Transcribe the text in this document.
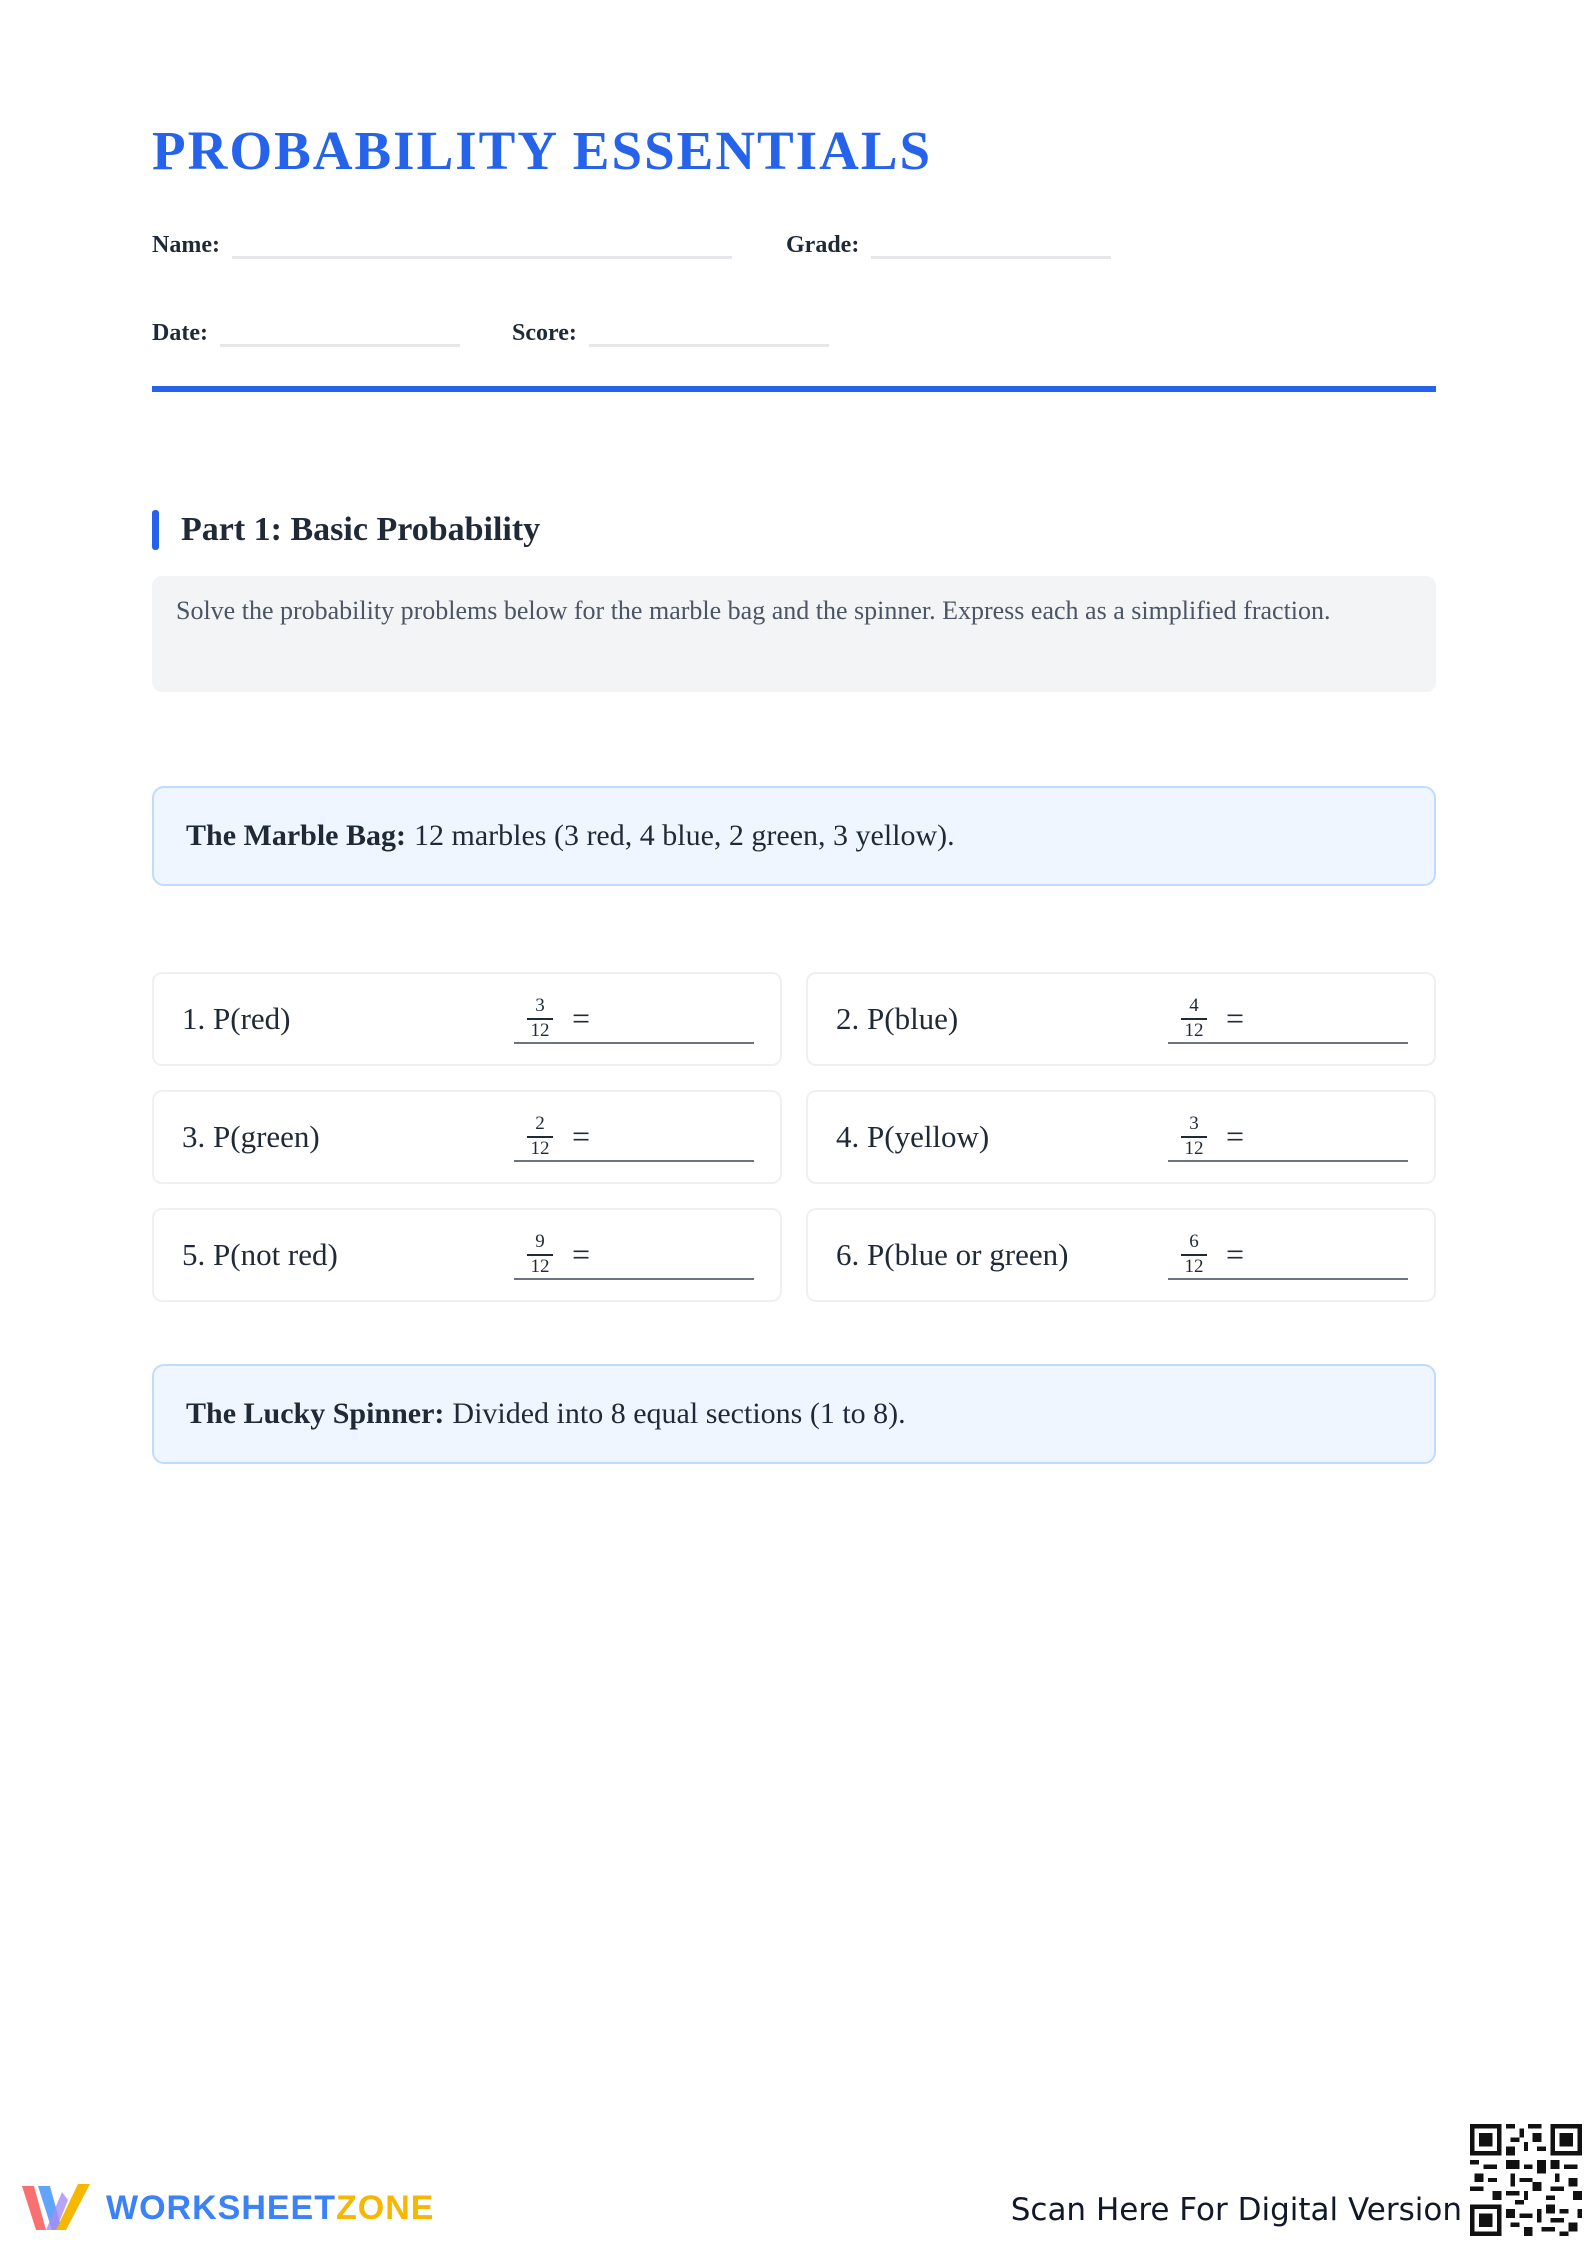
PROBABILITY ESSENTIALS
Name:	Grade:
Date:	Score:
Part 1: Basic Probability
Solve the probability problems below for the marble bag and the spinner. Express each as a simplified fraction.
The Marble Bag: 12 marbles (3 red, 4 blue, 2 green, 3 yellow).
1. P(red)	3
12 =	2. P(blue)	4
12 =
3. P(green)	2
12 =	4. P(yellow)	3
12 =
5. P(not red)	9
12 =	6. P(blue or green)	6
12 =
The Lucky Spinner: Divided into 8 equal sections (1 to 8).
WORKSHEETZONE	Scan Here For Digital Version
